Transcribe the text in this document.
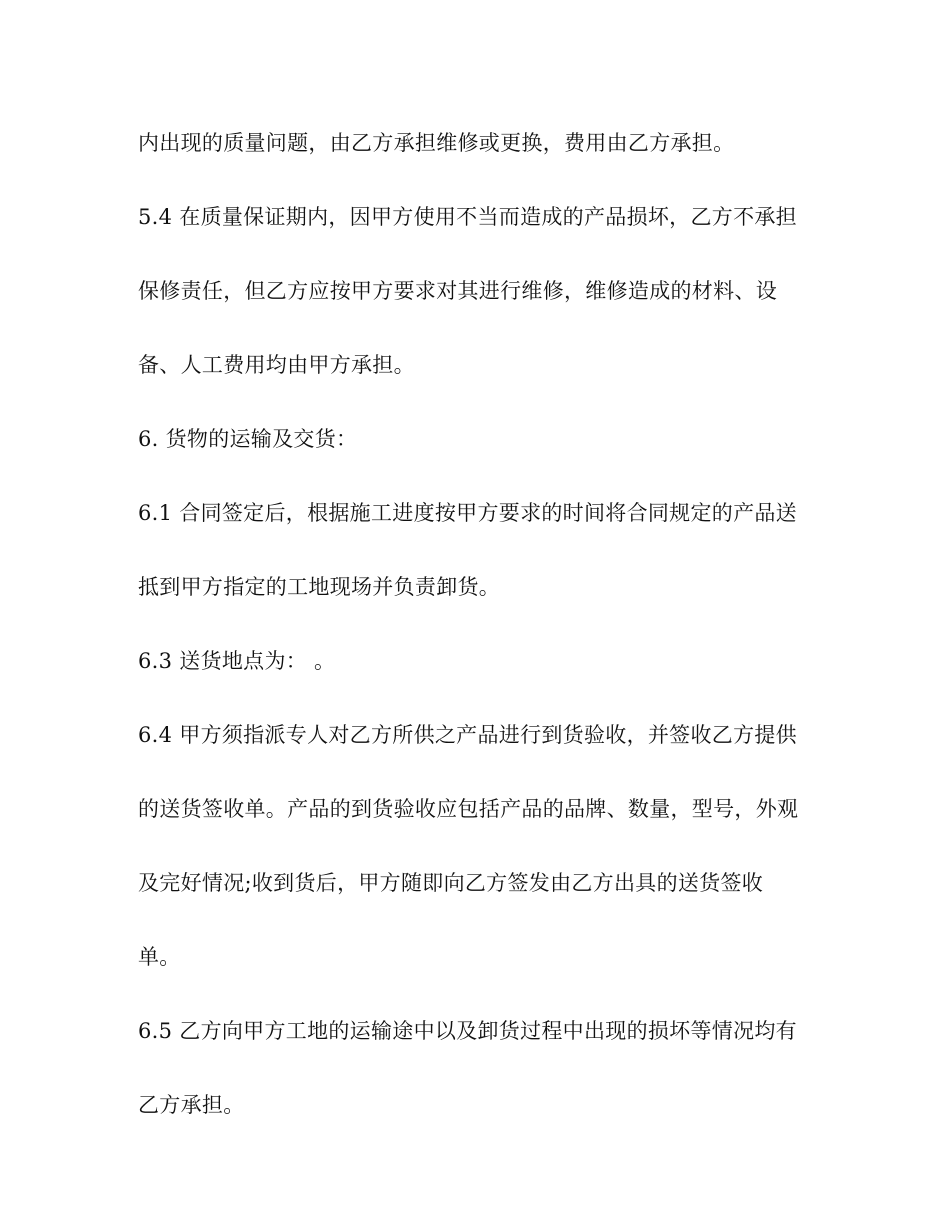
内出现的质量问题，由乙方承担维修或更换，费用由乙方承担。
5.4 在质量保证期内，因甲方使用不当而造成的产品损坏，乙方不承担
保修责任，但乙方应按甲方要求对其进行维修，维修造成的材料、设
备、人工费用均由甲方承担。
6. 货物的运输及交货：
6.1 合同签定后，根据施工进度按甲方要求的时间将合同规定的产品送
抵到甲方指定的工地现场并负责卸货。
6.3 送货地点为： 。
6.4 甲方须指派专人对乙方所供之产品进行到货验收，并签收乙方提供
的送货签收单。产品的到货验收应包括产品的品牌、数量，型号，外观
及完好情况;收到货后，甲方随即向乙方签发由乙方出具的送货签收
单。
6.5 乙方向甲方工地的运输途中以及卸货过程中出现的损坏等情况均有
乙方承担。
